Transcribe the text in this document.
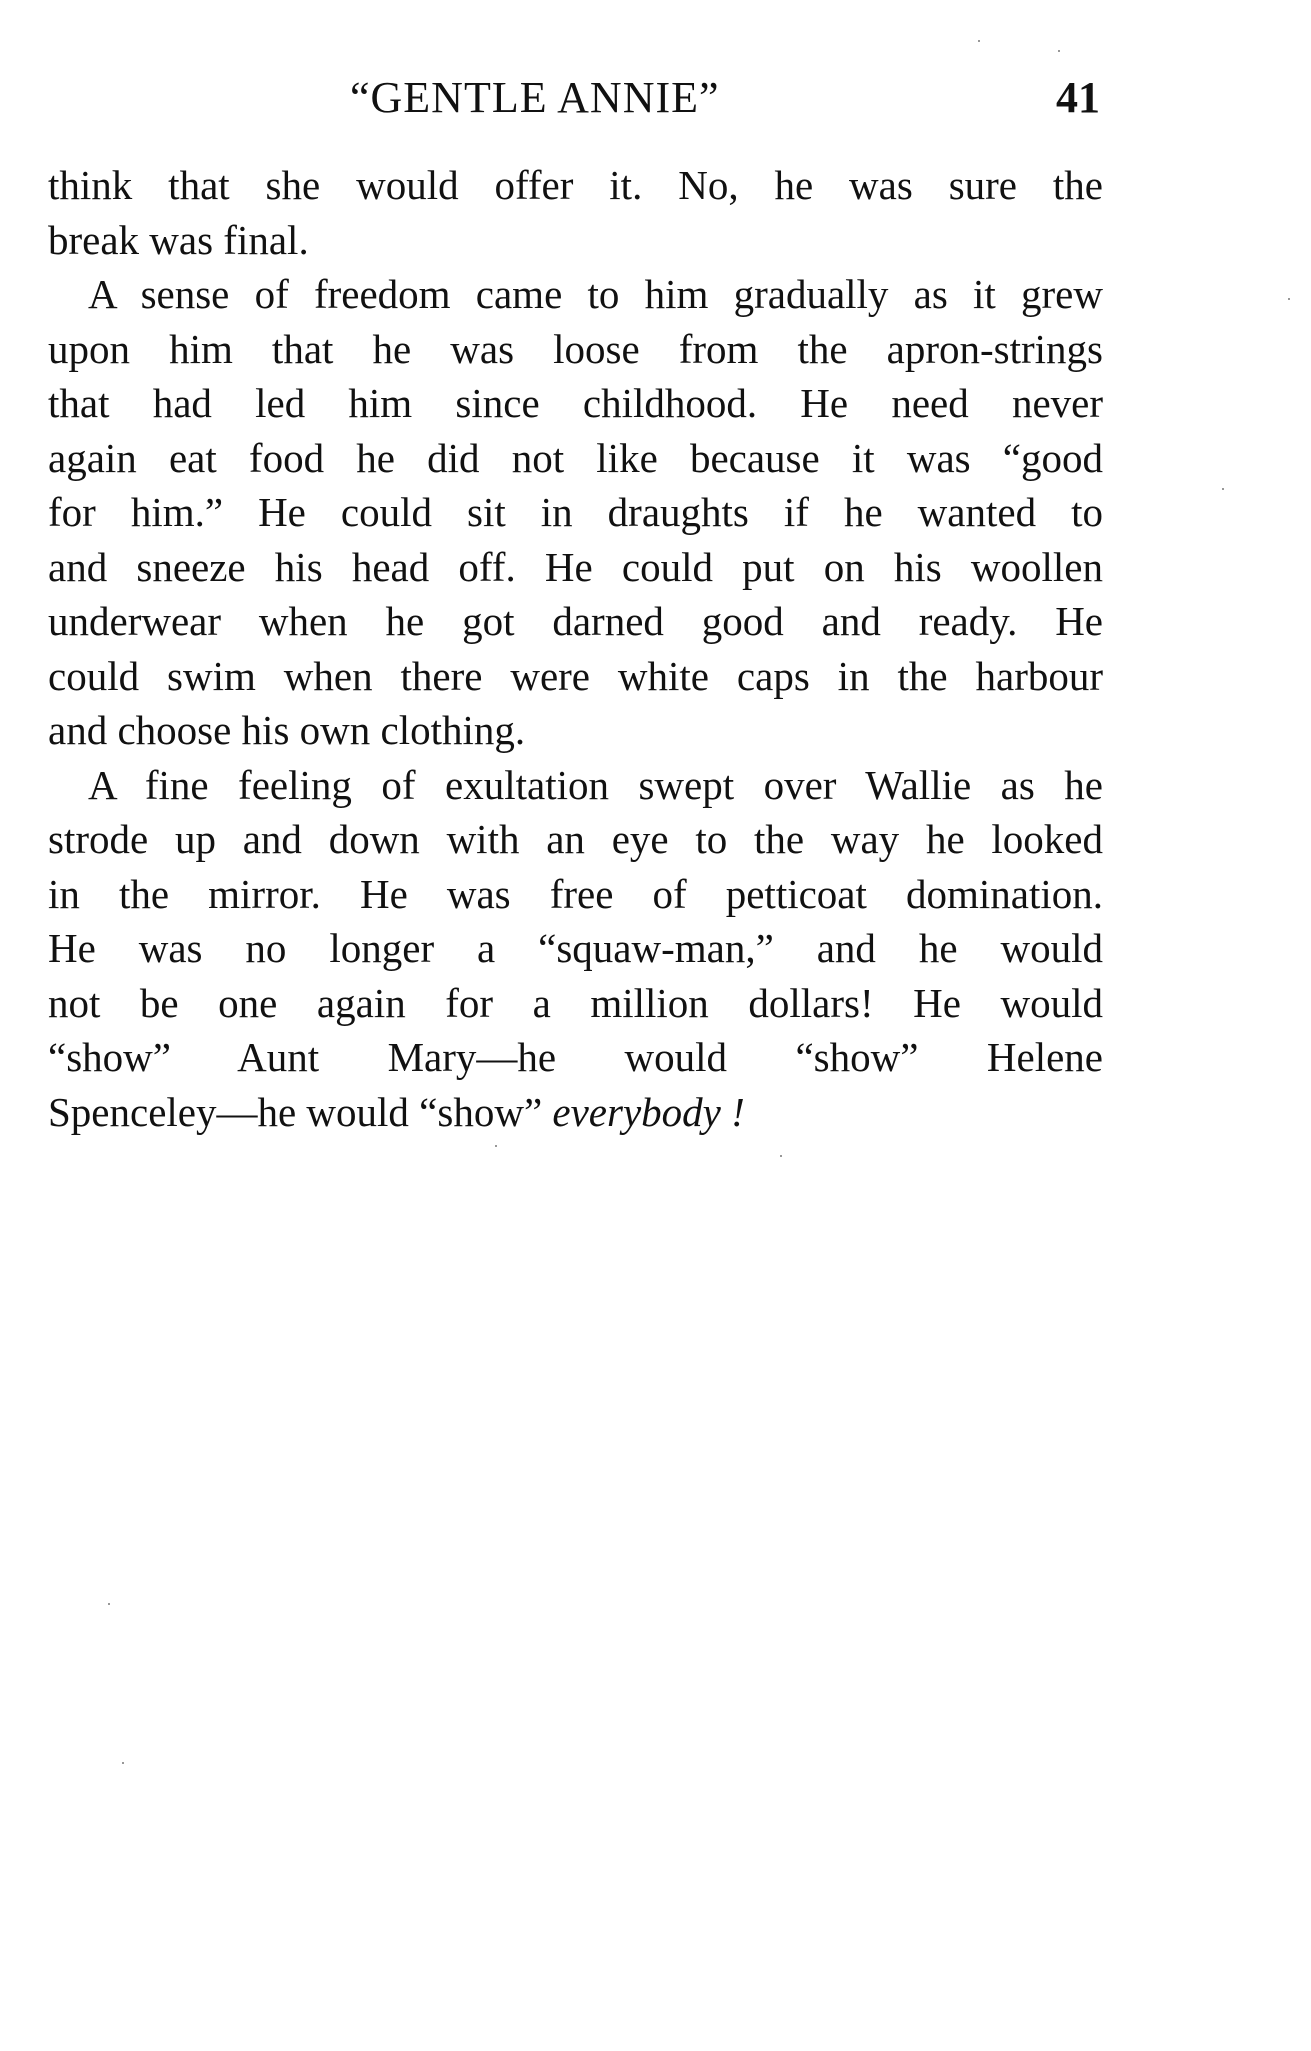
“GENTLE ANNIE”	41
think that she would offer it. No, he was sure the
break was final.
A sense of freedom came to him gradually as it grew
upon him that he was loose from the apron-strings
that had led him since childhood. He need never
again eat food he did not like because it was “good
for him.” He could sit in draughts if he wanted to
and sneeze his head off. He could put on his woollen
underwear when he got darned good and ready. He
could swim when there were white caps in the harbour
and choose his own clothing.
A fine feeling of exultation swept over Wallie as he
strode up and down with an eye to the way he looked
in the mirror. He was free of petticoat domination.
He was no longer a “squaw-man,” and he would
not be one again for a million dollars! He would
“show” Aunt Mary—he would “show” Helene
Spenceley—he would “show” everybody !
